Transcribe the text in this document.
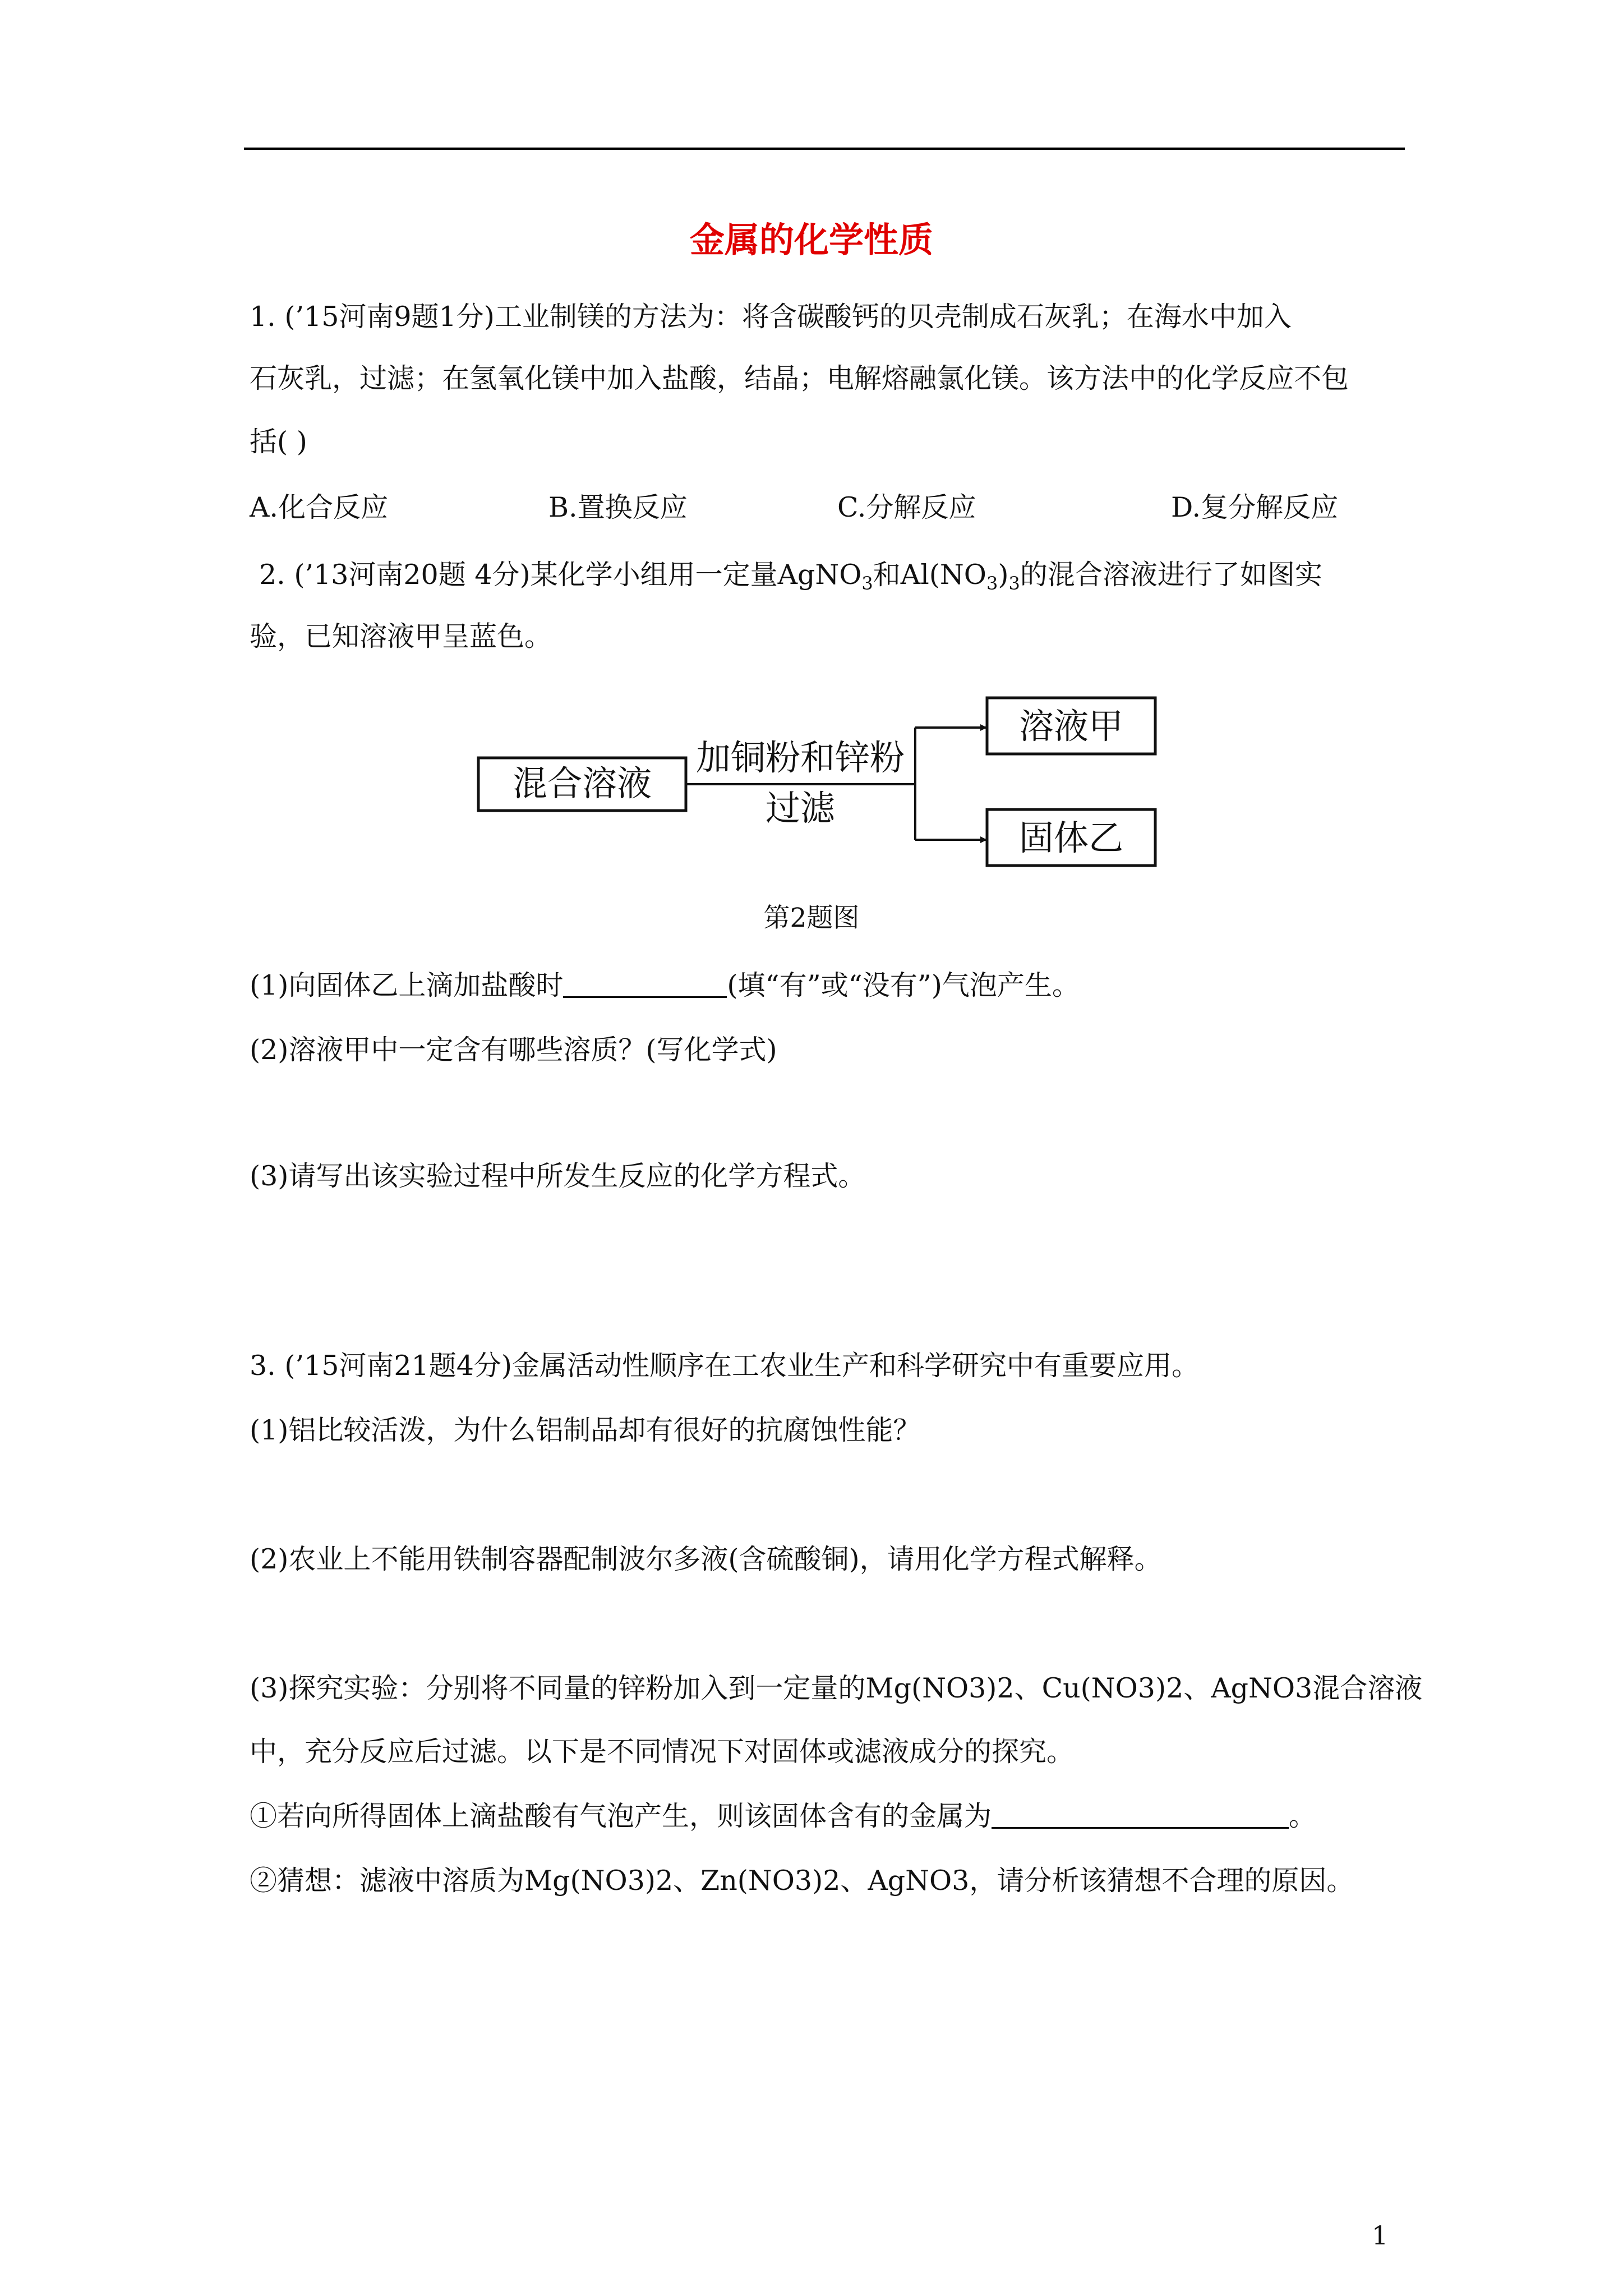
金属的化学性质
1. (’15河南9题1分)工业制镁的方法为：将含碳酸钙的贝壳制成石灰乳；在海水中加入
石灰乳，过滤；在氢氧化镁中加入盐酸，结晶；电解熔融氯化镁。该方法中的化学反应不包
括( )
A.化合反应	B.置换反应	C.分解反应	D.复分解反应
2. (’13河南20题 4分)某化学小组用一定量AgNO$_3$和$Al(NO_3)_3$的混合溶液进行了如图实
验，已知溶液甲呈蓝色。
混合溶液
加铜粉和锌粉
过滤
溶液甲
固体乙
第2题图
(1)向固体乙上滴加盐酸时	(填“有”或“没有”)气泡产生。
(2)溶液甲中一定含有哪些溶质？(写化学式)
(3)请写出该实验过程中所发生反应的化学方程式。
3. (’15河南21题4分)金属活动性顺序在工农业生产和科学研究中有重要应用。
(1)铝比较活泼，为什么铝制品却有很好的抗腐蚀性能？
(2)农业上不能用铁制容器配制波尔多液(含硫酸铜)，请用化学方程式解释。
(3)探究实验：分别将不同量的锌粉加入到一定量的Mg(NO3)2、Cu(NO3)2、AgNO3混合溶液
中，充分反应后过滤。以下是不同情况下对固体或滤液成分的探究。
①若向所得固体上滴盐酸有气泡产生，则该固体含有的金属为	。
②猜想：滤液中溶质为Mg(NO3)2、Zn(NO3)2、AgNO3，请分析该猜想不合理的原因。
1
